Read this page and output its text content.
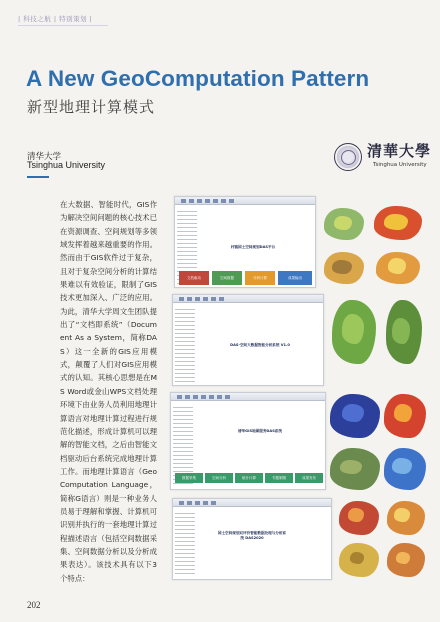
| 科技之航 | 特别策划 |
A New GeoComputation Pattern
新型地理计算模式
清华大学
Tsinghua University
清華大學
Tsinghua University
在大数据、智能时代，GIS作为解决空间问题的核心技术已在资源调查、空间规划等多领域发挥着越来越重要的作用。然而由于GIS软件过于复杂，且对于复杂空间分析的计算结果难以有效验证，限制了GIS技术更加深入、广泛的应用。为此，清华大学周文生团队提出了“文档即系统”（Document As a System，简称DAS）这一全新的GIS应用模式，颠覆了人们对GIS应用模式的认知。其核心思想是在MS Word或金山WPS文档处理环境下由业务人员利用地理计算语言对地理计算过程进行规范化描述，形成计算机可以理解的智能文档，之后由智能文档驱动后台系统完成地理计算工作。而地理计算语言（GeoComputation Language，简称G语言）则是一种业务人员易于理解和掌握、计算机可识别并执行的一套地理计算过程描述语言（包括空间数据采集、空间数据分析以及分析成果表达）。该技术具有以下3个特点：
村镇国土空间规划DAS平台
文档驱动	空间数据	分析计算	成果输出
DAS-空间大数据智能分析系统 V1.0
清华GIS地图服务DAS系统
数据采集	空间分析	统计计算	专题制图	成果发布
国土空间规划双评价智能数据处理与分析系统 DAS2020
202
